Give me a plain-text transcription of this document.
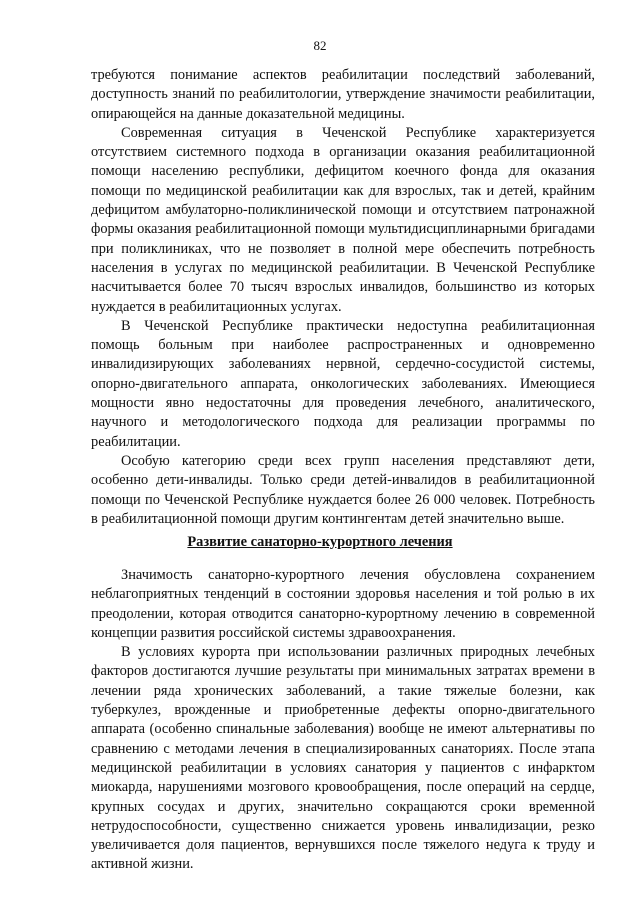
82

требуются понимание аспектов реабилитации последствий заболеваний, доступность знаний по реабилитологии, утверждение значимости реабилитации, опирающейся на данные доказательной медицины.

Современная ситуация в Чеченской Республике характеризуется отсутствием системного подхода в организации оказания реабилитационной помощи населению республики, дефицитом коечного фонда для оказания помощи по медицинской реабилитации как для взрослых, так и детей, крайним дефицитом амбулаторно-поликлинической помощи и отсутствием патронажной формы оказания реабилитационной помощи мультидисциплинарными бригадами при поликлиниках, что не позволяет в полной мере обеспечить потребность населения в услугах по медицинской реабилитации. В Чеченской Республике насчитывается более 70 тысяч взрослых инвалидов, большинство из которых нуждается в реабилитационных услугах.

В Чеченской Республике практически недоступна реабилитационная помощь больным при наиболее распространенных и одновременно инвалидизирующих заболеваниях нервной, сердечно-сосудистой системы, опорно-двигательного аппарата, онкологических заболеваниях. Имеющиеся мощности явно недостаточны для проведения лечебного, аналитического, научного и методологического подхода для реализации программы по реабилитации.

Особую категорию среди всех групп населения представляют дети, особенно дети-инвалиды. Только среди детей-инвалидов в реабилитационной помощи по Чеченской Республике нуждается более 26 000 человек. Потребность в реабилитационной помощи другим контингентам детей значительно выше.

Развитие санаторно-курортного лечения

Значимость санаторно-курортного лечения обусловлена сохранением неблагоприятных тенденций в состоянии здоровья населения и той ролью в их преодолении, которая отводится санаторно-курортному лечению в современной концепции развития российской системы здравоохранения.

В условиях курорта при использовании различных природных лечебных факторов достигаются лучшие результаты при минимальных затратах времени в лечении ряда хронических заболеваний, а такие тяжелые болезни, как туберкулез, врожденные и приобретенные дефекты опорно-двигательного аппарата (особенно спинальные заболевания) вообще не имеют альтернативы по сравнению с методами лечения в специализированных санаториях. После этапа медицинской реабилитации в условиях санатория у пациентов с инфарктом миокарда, нарушениями мозгового кровообращения, после операций на сердце, крупных сосудах и других, значительно сокращаются сроки временной нетрудоспособности, существенно снижается уровень инвалидизации, резко увеличивается доля пациентов, вернувшихся после тяжелого недуга к труду и активной жизни.
